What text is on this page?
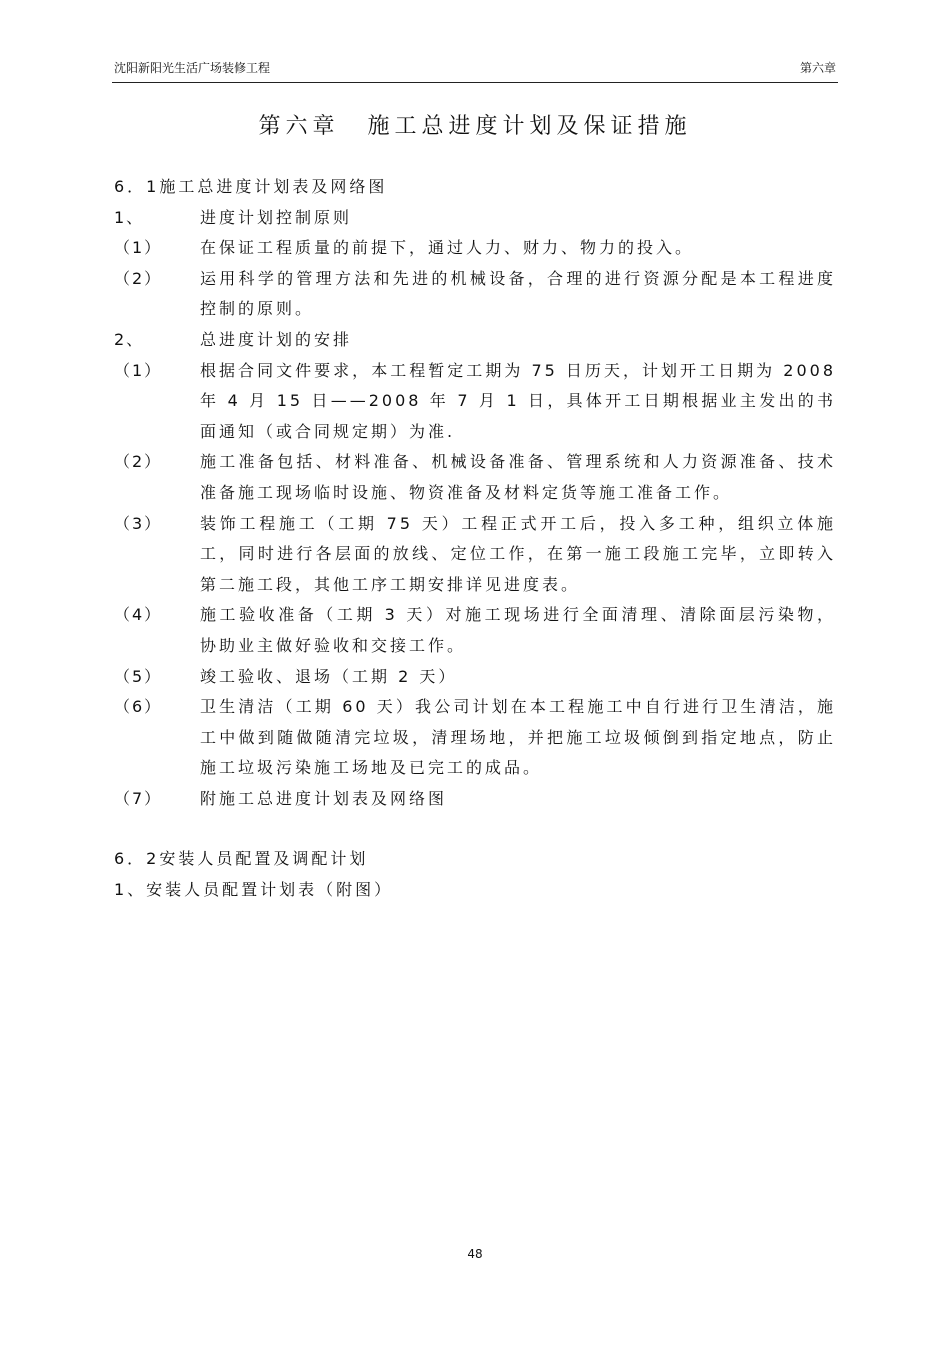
沈阳新阳光生活广场装修工程	第六章
第六章 施工总进度计划及保证措施
6．1施工总进度计划表及网络图
1、	进度计划控制原则
（1）	在保证工程质量的前提下，通过人力、财力、物力的投入。
（2）	运用科学的管理方法和先进的机械设备，合理的进行资源分配是本工程进度控制的原则。
2、	总进度计划的安排
（1）	根据合同文件要求，本工程暂定工期为 75 日历天，计划开工日期为 2008 年 4 月 15 日——2008 年 7 月 1 日，具体开工日期根据业主发出的书面通知（或合同规定期）为准.
（2）	施工准备包括、材料准备、机械设备准备、管理系统和人力资源准备、技术准备施工现场临时设施、物资准备及材料定货等施工准备工作。
（3）	装饰工程施工（工期 75 天）工程正式开工后，投入多工种，组织立体施工，同时进行各层面的放线、定位工作，在第一施工段施工完毕，立即转入第二施工段，其他工序工期安排详见进度表。
（4）	施工验收准备（工期 3 天）对施工现场进行全面清理、清除面层污染物，协助业主做好验收和交接工作。
（5）	竣工验收、退场（工期 2 天）
（6）	卫生清洁（工期 60 天）我公司计划在本工程施工中自行进行卫生清洁，施工中做到随做随清完垃圾，清理场地，并把施工垃圾倾倒到指定地点，防止施工垃圾污染施工场地及已完工的成品。
（7）	附施工总进度计划表及网络图
6．2安装人员配置及调配计划
1、安装人员配置计划表（附图）
48
